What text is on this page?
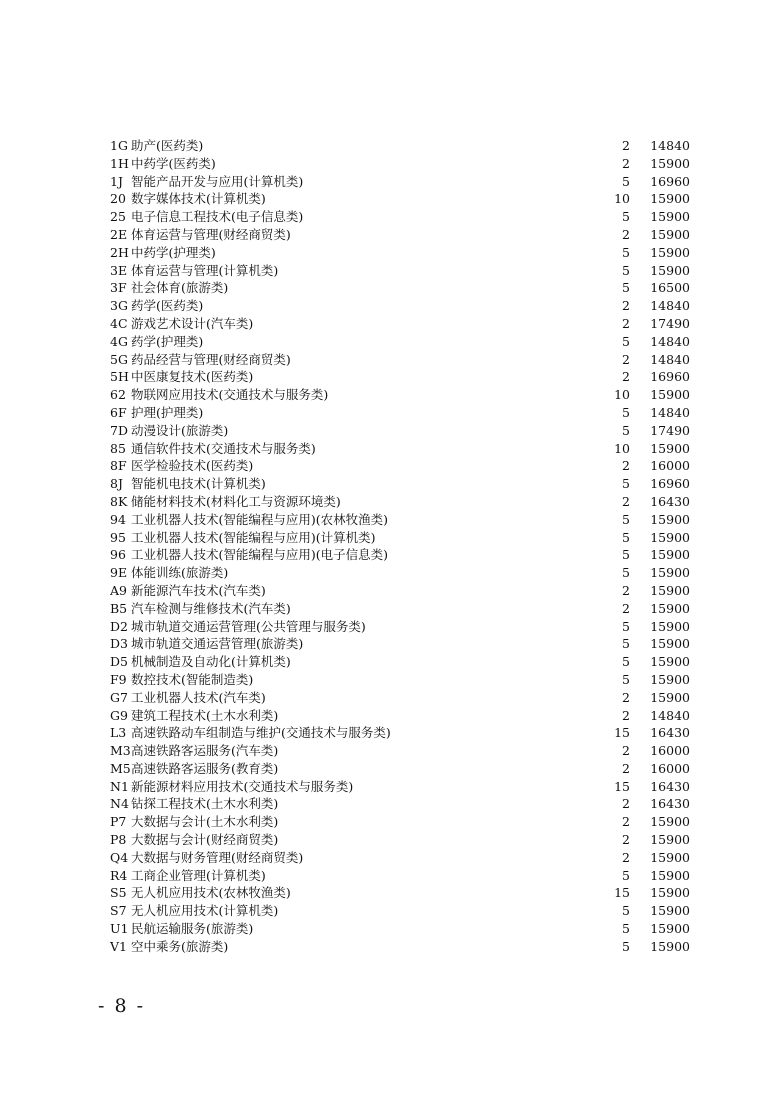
1G 助产(医药类)	2 14840
1H 中药学(医药类)	2 15900
1J 智能产品开发与应用(计算机类)	5 16960
20 数字媒体技术(计算机类)	10 15900
25 电子信息工程技术(电子信息类)	5 15900
2E 体育运营与管理(财经商贸类)	2 15900
2H 中药学(护理类)	5 15900
3E 体育运营与管理(计算机类)	5 15900
3F 社会体育(旅游类)	5 16500
3G 药学(医药类)	2 14840
4C 游戏艺术设计(汽车类)	2 17490
4G 药学(护理类)	5 14840
5G 药品经营与管理(财经商贸类)	2 14840
5H 中医康复技术(医药类)	2 16960
62 物联网应用技术(交通技术与服务类)	10 15900
6F 护理(护理类)	5 14840
7D 动漫设计(旅游类)	5 17490
85 通信软件技术(交通技术与服务类)	10 15900
8F 医学检验技术(医药类)	2 16000
8J 智能机电技术(计算机类)	5 16960
8K 储能材料技术(材料化工与资源环境类)	2 16430
94 工业机器人技术(智能编程与应用)(农林牧渔类)	5 15900
95 工业机器人技术(智能编程与应用)(计算机类)	5 15900
96 工业机器人技术(智能编程与应用)(电子信息类)	5 15900
9E 体能训练(旅游类)	5 15900
A9 新能源汽车技术(汽车类)	2 15900
B5 汽车检测与维修技术(汽车类)	2 15900
D2 城市轨道交通运营管理(公共管理与服务类)	5 15900
D3 城市轨道交通运营管理(旅游类)	5 15900
D5 机械制造及自动化(计算机类)	5 15900
F9 数控技术(智能制造类)	5 15900
G7 工业机器人技术(汽车类)	2 15900
G9 建筑工程技术(土木水利类)	2 14840
L3 高速铁路动车组制造与维护(交通技术与服务类)	15 16430
M3 高速铁路客运服务(汽车类)	2 16000
M5 高速铁路客运服务(教育类)	2 16000
N1 新能源材料应用技术(交通技术与服务类)	15 16430
N4 钻探工程技术(土木水利类)	2 16430
P7 大数据与会计(土木水利类)	2 15900
P8 大数据与会计(财经商贸类)	2 15900
Q4 大数据与财务管理(财经商贸类)	2 15900
R4 工商企业管理(计算机类)	5 15900
S5 无人机应用技术(农林牧渔类)	15 15900
S7 无人机应用技术(计算机类)	5 15900
U1 民航运输服务(旅游类)	5 15900
V1 空中乘务(旅游类)	5 15900
- 8 -
